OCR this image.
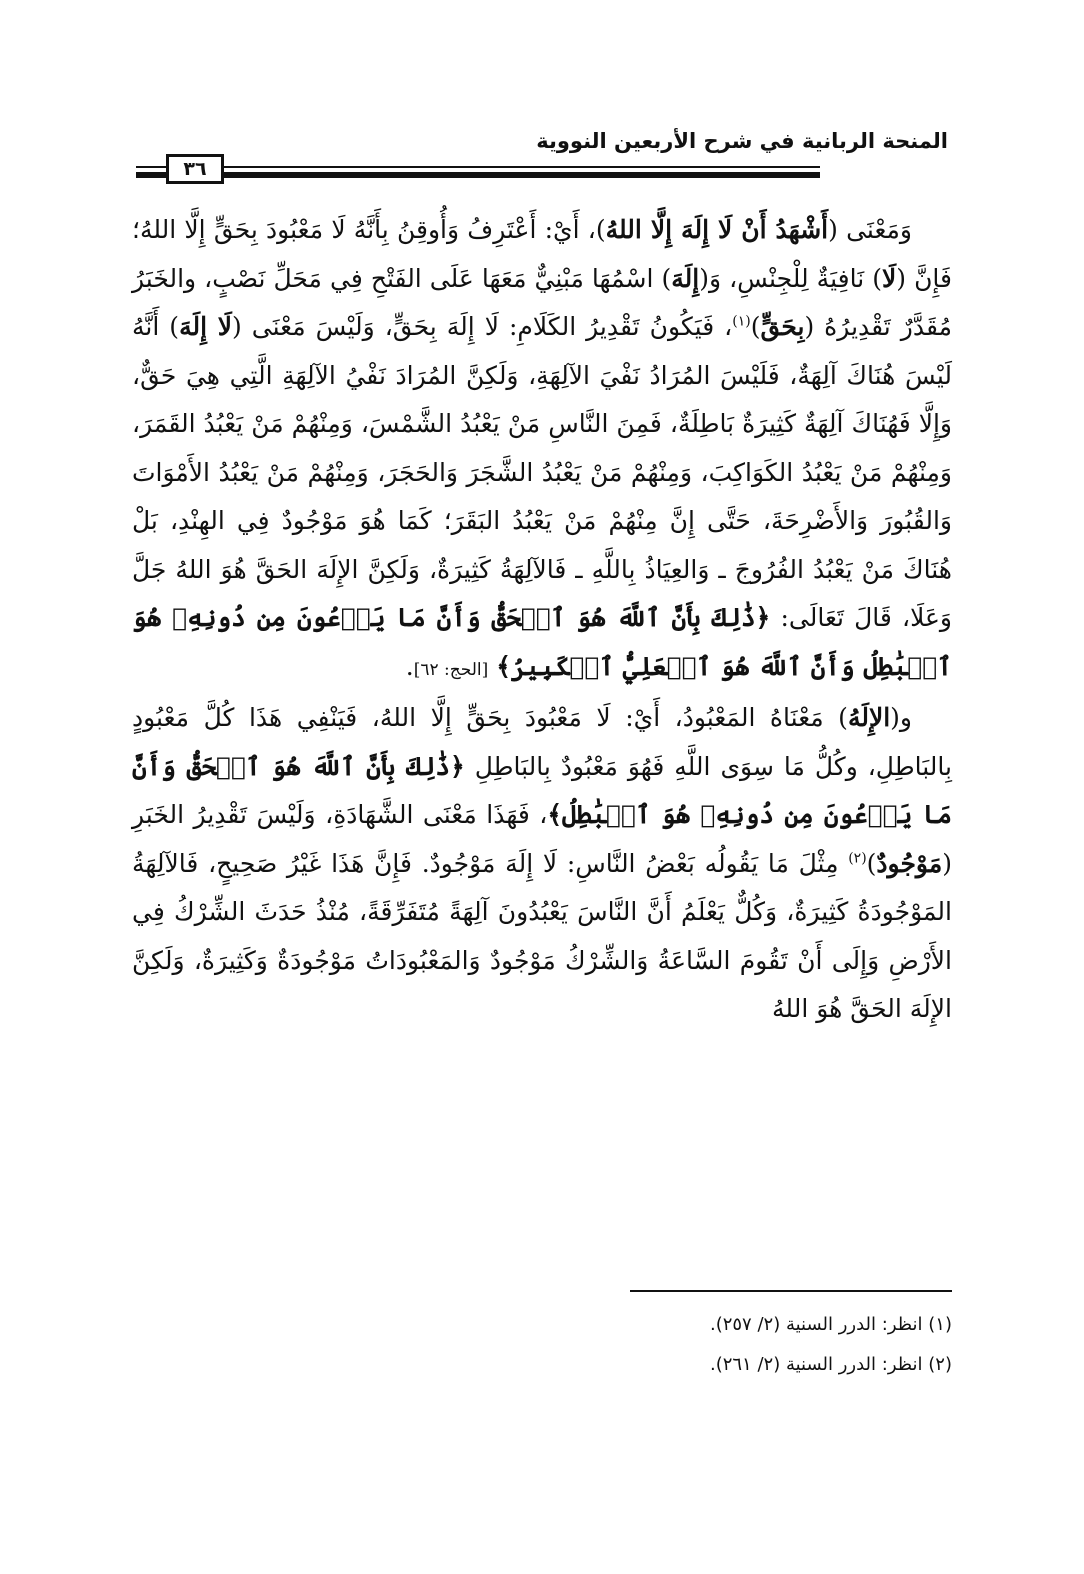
المنحة الربانية في شرح الأربعين النووية
٣٦

وَمَعْنَى (أَشْهَدُ أَنْ لَا إِلَهَ إِلَّا اللهُ)، أَيْ: أَعْتَرِفُ وَأُوقِنُ بِأَنَّهُ لَا مَعْبُودَ بِحَقٍّ إِلَّا اللهُ؛ فَإِنَّ (لَا) نَافِيَةٌ لِلْجِنْسِ، وَ(إِلَهَ) اسْمُهَا مَبْنِيٌّ مَعَهَا عَلَى الفَتْحِ فِي مَحَلِّ نَصْبٍ، والخَبَرُ مُقَدَّرٌ تَقْدِيرُهُ (بِحَقٍّ)$^{(١)}$، فَيَكُونُ تَقْدِيرُ الكَلَامِ: لَا إِلَهَ بِحَقٍّ، وَلَيْسَ مَعْنَى (لَا إِلَهَ) أَنَّهُ لَيْسَ هُنَاكَ آلِهَةٌ، فَلَيْسَ المُرَادُ نَفْيَ الآلِهَةِ، وَلَكِنَّ المُرَادَ نَفْيُ الآلِهَةِ الَّتِي هِيَ حَقٌّ، وَإِلَّا فَهُنَاكَ آلِهَةٌ كَثِيرَةٌ بَاطِلَةٌ، فَمِنَ النَّاسِ مَنْ يَعْبُدُ الشَّمْسَ، وَمِنْهُمْ مَنْ يَعْبُدُ القَمَرَ، وَمِنْهُمْ مَنْ يَعْبُدُ الكَوَاكِبَ، وَمِنْهُمْ مَنْ يَعْبُدُ الشَّجَرَ وَالحَجَرَ، وَمِنْهُمْ مَنْ يَعْبُدُ الأَمْوَاتَ وَالقُبُورَ وَالأَضْرِحَةَ، حَتَّى إِنَّ مِنْهُمْ مَنْ يَعْبُدُ البَقَرَ؛ كَمَا هُوَ مَوْجُودٌ فِي الهِنْدِ، بَلْ هُنَاكَ مَنْ يَعْبُدُ الفُرُوجَ ـ وَالعِيَاذُ بِاللَّهِ ـ فَالآلِهَةُ كَثِيرَةٌ، وَلَكِنَّ الإِلَهَ الحَقَّ هُوَ اللهُ جَلَّ وَعَلَا، قَالَ تَعَالَى: ﴿ذَٰلِكَ بِأَنَّ ٱللَّهَ هُوَ ٱلۡحَقُّ وَأَنَّ مَا يَدۡعُونَ مِن دُونِهِۦ هُوَ ٱلۡبَٰطِلُ وَأَنَّ ٱللَّهَ هُوَ ٱلۡعَلِيُّ ٱلۡكَبِيرُ﴾ [الحج: ٦٢].

و(الإِلَهُ) مَعْنَاهُ المَعْبُودُ، أَيْ: لَا مَعْبُودَ بِحَقٍّ إِلَّا اللهُ، فَيَنْفِي هَذَا كُلَّ مَعْبُودٍ بِالبَاطِلِ، وكُلُّ مَا سِوَى اللَّهِ فَهُوَ مَعْبُودٌ بِالبَاطِلِ ﴿ذَٰلِكَ بِأَنَّ ٱللَّهَ هُوَ ٱلۡحَقُّ وَأَنَّ مَا يَدۡعُونَ مِن دُونِهِۦ هُوَ ٱلۡبَٰطِلُ﴾، فَهَذَا مَعْنَى الشَّهَادَةِ، وَلَيْسَ تَقْدِيرُ الخَبَرِ (مَوْجُودٌ)$^{(٢)}$ مِثْلَ مَا يَقُولُه بَعْضُ النَّاسِ: لَا إِلَهَ مَوْجُودٌ. فَإِنَّ هَذَا غَيْرُ صَحِيحٍ، فَالآلِهَةُ المَوْجُودَةُ كَثِيرَةٌ، وَكُلٌّ يَعْلَمُ أَنَّ النَّاسَ يَعْبُدُونَ آلِهَةً مُتَفَرِّقَةً، مُنْذُ حَدَثَ الشِّرْكُ فِي الأَرْضِ وَإِلَى أَنْ تَقُومَ السَّاعَةُ وَالشِّرْكُ مَوْجُودٌ وَالمَعْبُودَاتُ مَوْجُودَةٌ وَكَثِيرَةٌ، وَلَكِنَّ الإِلَهَ الحَقَّ هُوَ اللهُ

(١) انظر: الدرر السنية (٢/ ٢٥٧).

(٢) انظر: الدرر السنية (٢/ ٢٦١).
